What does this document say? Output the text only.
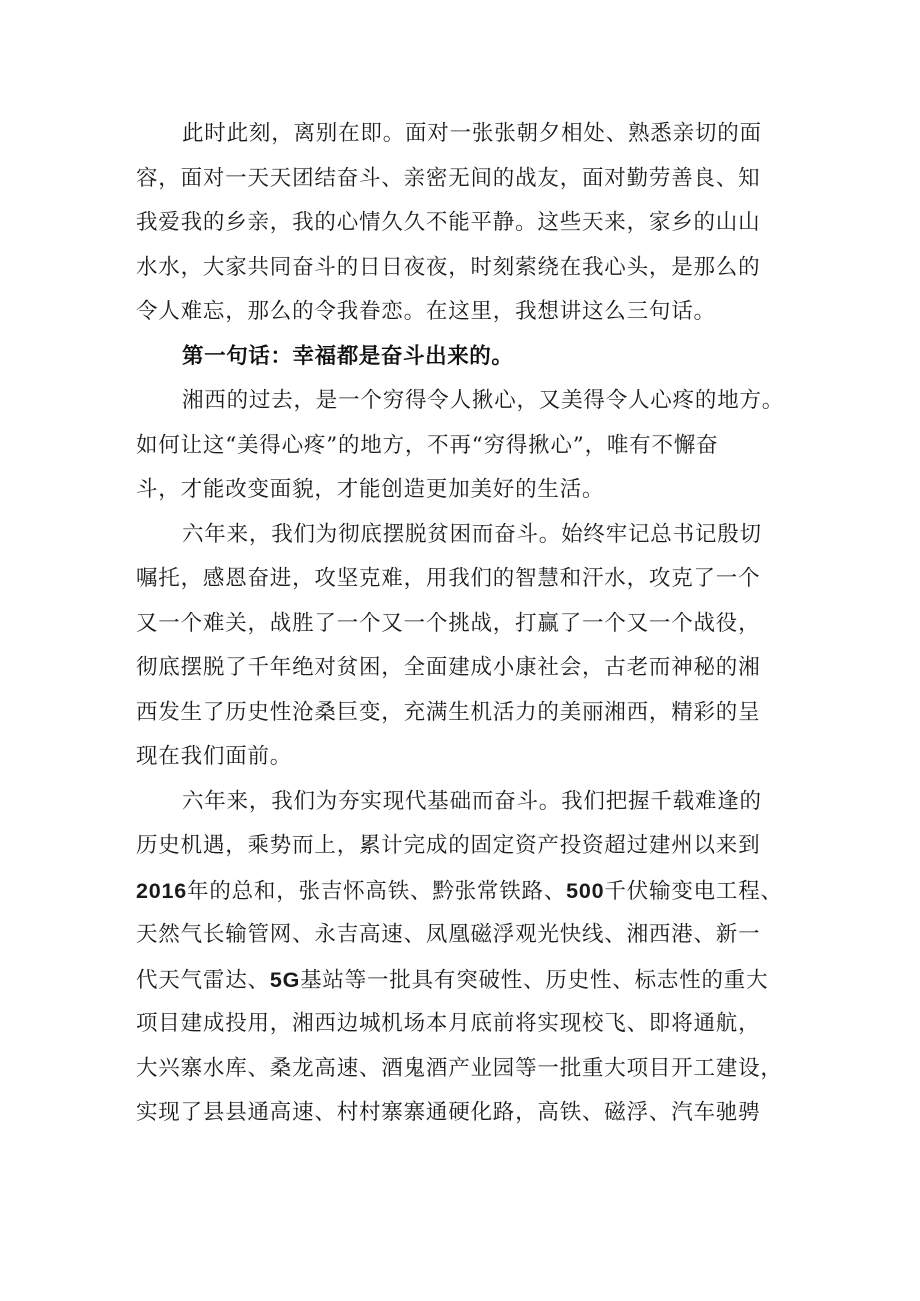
此时此刻，离别在即。面对一张张朝夕相处、熟悉亲切的面
容，面对一天天团结奋斗、亲密无间的战友，面对勤劳善良、知
我爱我的乡亲，我的心情久久不能平静。这些天来，家乡的山山
水水，大家共同奋斗的日日夜夜，时刻萦绕在我心头，是那么的
令人难忘，那么的令我眷恋。在这里，我想讲这么三句话。
第一句话：幸福都是奋斗出来的。
湘西的过去，是一个穷得令人揪心，又美得令人心疼的地方。
如何让这“美得心疼”的地方，不再“穷得揪心”，唯有不懈奋
斗，才能改变面貌，才能创造更加美好的生活。
六年来，我们为彻底摆脱贫困而奋斗。始终牢记总书记殷切
嘱托，感恩奋进，攻坚克难，用我们的智慧和汗水，攻克了一个
又一个难关，战胜了一个又一个挑战，打赢了一个又一个战役，
彻底摆脱了千年绝对贫困，全面建成小康社会，古老而神秘的湘
西发生了历史性沧桑巨变，充满生机活力的美丽湘西，精彩的呈
现在我们面前。
六年来，我们为夯实现代基础而奋斗。我们把握千载难逢的
历史机遇，乘势而上，累计完成的固定资产投资超过建州以来到
2016年的总和，张吉怀高铁、黔张常铁路、500千伏输变电工程、
天然气长输管网、永吉高速、凤凰磁浮观光快线、湘西港、新一
代天气雷达、5G基站等一批具有突破性、历史性、标志性的重大
项目建成投用，湘西边城机场本月底前将实现校飞、即将通航，
大兴寨水库、桑龙高速、酒鬼酒产业园等一批重大项目开工建设，
实现了县县通高速、村村寨寨通硬化路，高铁、磁浮、汽车驰骋
